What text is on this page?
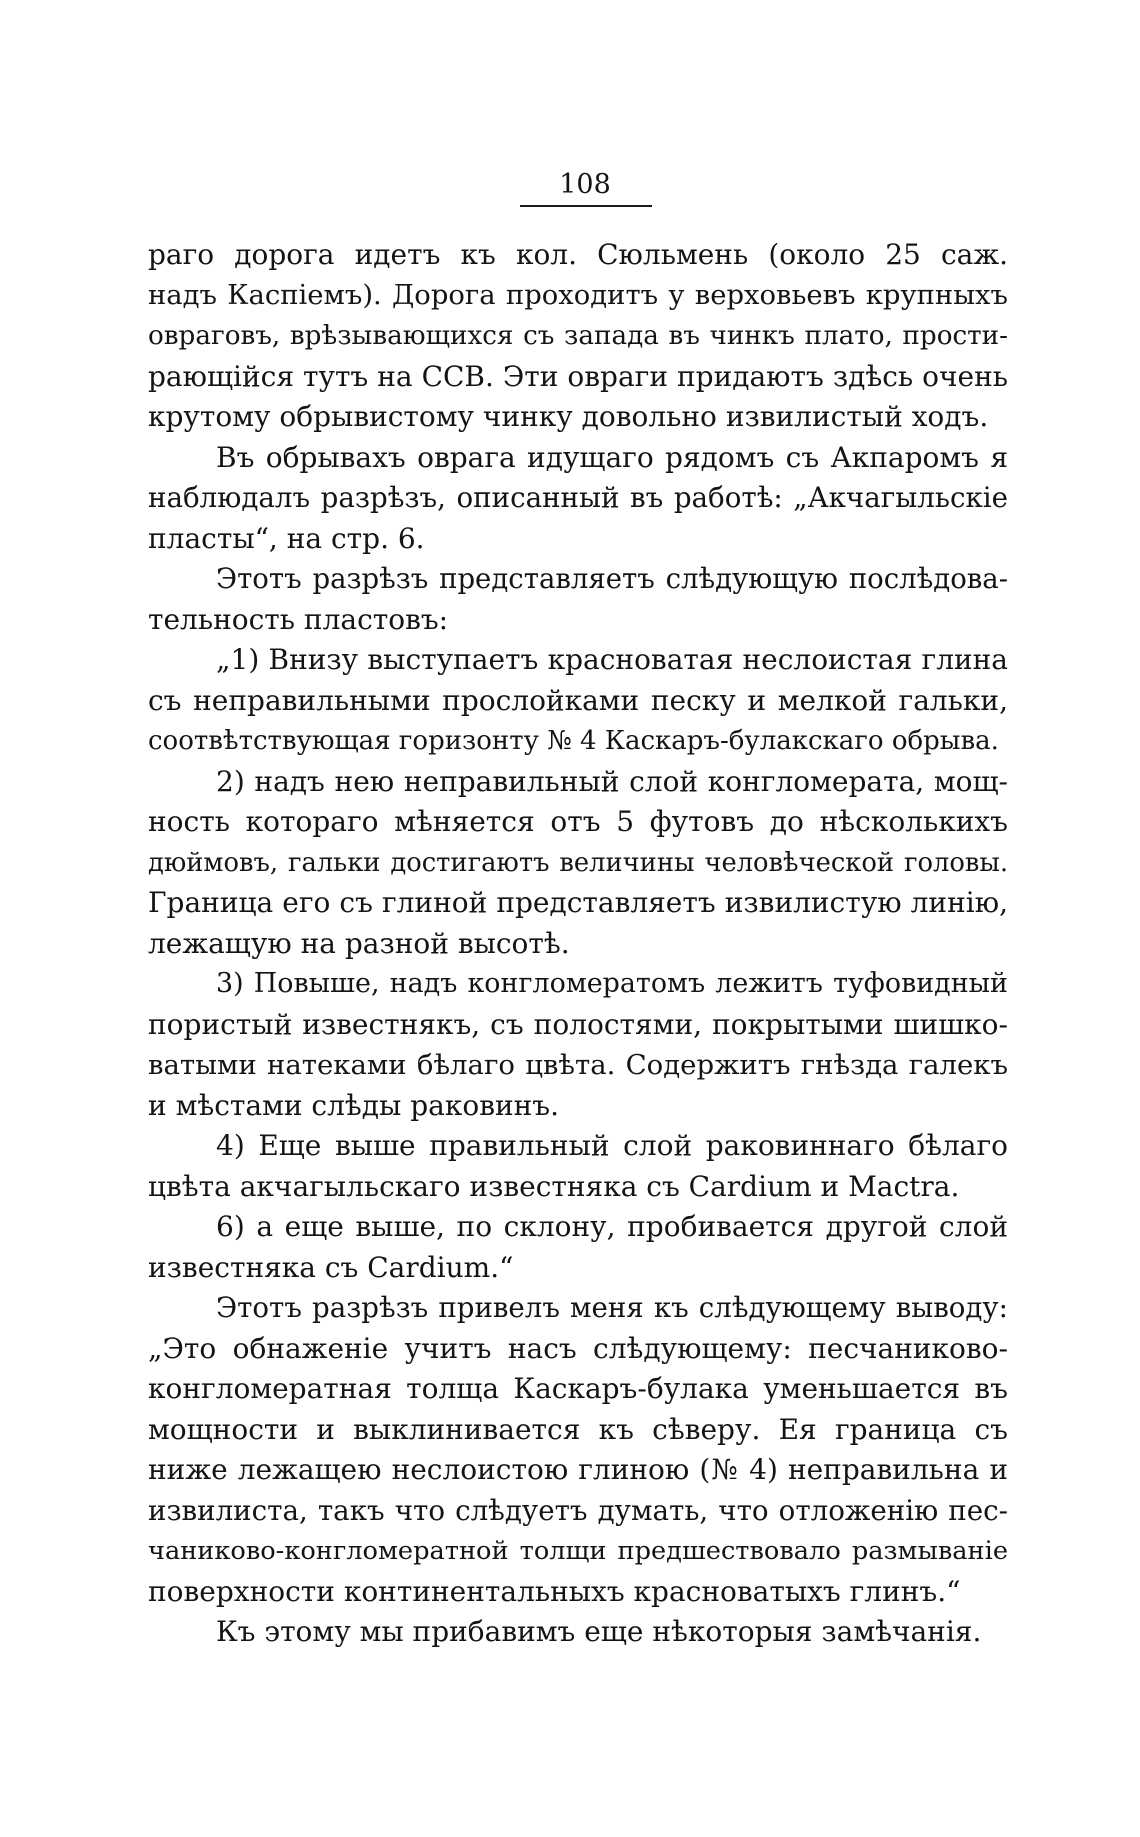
108

раго дорога идетъ къ кол. Сюльмень (около 25 саж.
надъ Каспіемъ). Дорога проходитъ у верховьевъ крупныхъ
овраговъ, врѣзывающихся съ запада въ чинкъ плато, прости-
рающійся тутъ на ССВ. Эти овраги придаютъ здѣсь очень
крутому обрывистому чинку довольно извилистый ходъ.

Въ обрывахъ оврага идущаго рядомъ съ Акпаромъ я
наблюдалъ разрѣзъ, описанный въ работѣ: „Акчагыльскіе
пласты“, на стр. 6.

Этотъ разрѣзъ представляетъ слѣдующую послѣдова-
тельность пластовъ:

„1) Внизу выступаетъ красноватая неслоистая глина
съ неправильными прослойками песку и мелкой гальки,
соотвѣтствующая горизонту № 4 Каскаръ-булакскаго обрыва.

2) надъ нею неправильный слой конгломерата, мощ-
ность котораго мѣняется отъ 5 футовъ до нѣсколькихъ
дюймовъ, гальки достигаютъ величины человѣческой головы.
Граница его съ глиной представляетъ извилистую линію,
лежащую на разной высотѣ.

3) Повыше, надъ конгломератомъ лежитъ туфовидный
пористый известнякъ, съ полостями, покрытыми шишко-
ватыми натеками бѣлаго цвѣта. Содержитъ гнѣзда галекъ
и мѣстами слѣды раковинъ.

4) Еще выше правильный слой раковиннаго бѣлаго
цвѣта акчагыльскаго известняка съ Cardium и Mactra.

6) а еще выше, по склону, пробивается другой слой
известняка съ Cardium.“

Этотъ разрѣзъ привелъ меня къ слѣдующему выводу:
„Это обнаженіе учитъ насъ слѣдующему: песчаниково-
конгломератная толща Каскаръ-булака уменьшается въ
мощности и выклинивается къ сѣверу. Ея граница съ
ниже лежащею неслоистою глиною (№ 4) неправильна и
извилиста, такъ что слѣдуетъ думать, что отложенію пес-
чаниково-конгломератной толщи предшествовало размываніе
поверхности континентальныхъ красноватыхъ глинъ.“

Къ этому мы прибавимъ еще нѣкоторыя замѣчанія.
